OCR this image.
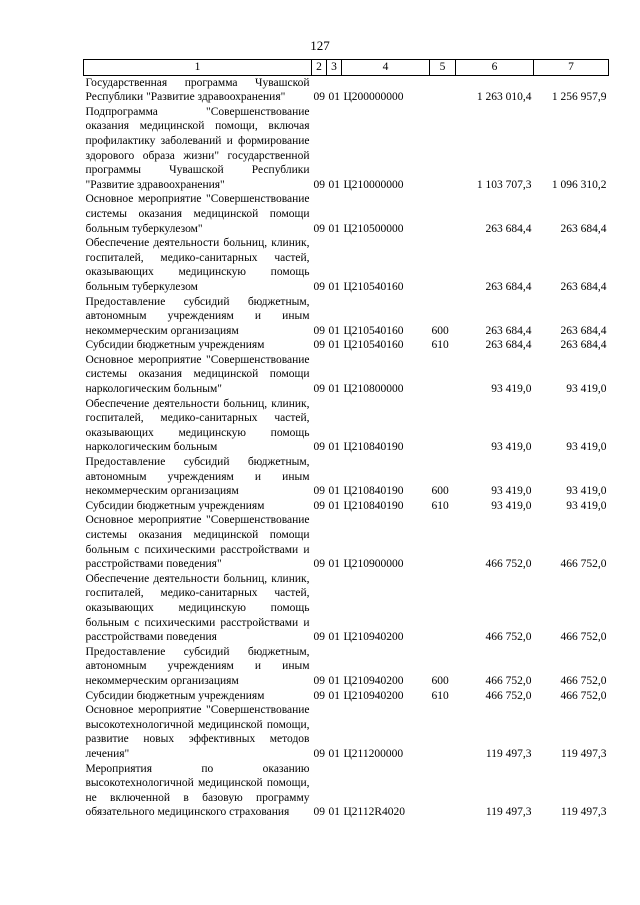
127
1	2	3	4	5	6	7
Государственная программа Чувашской Республики "Развитие здравоохранения"	09	01	Ц200000000		1 263 010,4	1 256 957,9
Подпрограмма "Совершенствование оказания медицинской помощи, включая профилактику заболеваний и формирование здорового образа жизни" государственной программы Чувашской Республики "Развитие здравоохранения"	09	01	Ц210000000		1 103 707,3	1 096 310,2
Основное мероприятие "Совершенствование системы оказания медицинской помощи больным туберкулезом"	09	01	Ц210500000		263 684,4	263 684,4
Обеспечение деятельности больниц, клиник, госпиталей, медико-санитарных частей, оказывающих медицинскую помощь больным туберкулезом	09	01	Ц210540160		263 684,4	263 684,4
Предоставление субсидий бюджетным, автономным учреждениям и иным некоммерческим организациям	09	01	Ц210540160	600	263 684,4	263 684,4
Субсидии бюджетным учреждениям	09	01	Ц210540160	610	263 684,4	263 684,4
Основное мероприятие "Совершенствование системы оказания медицинской помощи наркологическим больным"	09	01	Ц210800000		93 419,0	93 419,0
Обеспечение деятельности больниц, клиник, госпиталей, медико-санитарных частей, оказывающих медицинскую помощь наркологическим больным	09	01	Ц210840190		93 419,0	93 419,0
Предоставление субсидий бюджетным, автономным учреждениям и иным некоммерческим организациям	09	01	Ц210840190	600	93 419,0	93 419,0
Субсидии бюджетным учреждениям	09	01	Ц210840190	610	93 419,0	93 419,0
Основное мероприятие "Совершенствование системы оказания медицинской помощи больным с психическими расстройствами и расстройствами поведения"	09	01	Ц210900000		466 752,0	466 752,0
Обеспечение деятельности больниц, клиник, госпиталей, медико-санитарных частей, оказывающих медицинскую помощь больным с психическими расстройствами и расстройствами поведения	09	01	Ц210940200		466 752,0	466 752,0
Предоставление субсидий бюджетным, автономным учреждениям и иным некоммерческим организациям	09	01	Ц210940200	600	466 752,0	466 752,0
Субсидии бюджетным учреждениям	09	01	Ц210940200	610	466 752,0	466 752,0
Основное мероприятие "Совершенствование высокотехнологичной медицинской помощи, развитие новых эффективных методов лечения"	09	01	Ц211200000		119 497,3	119 497,3
Мероприятия по оказанию высокотехнологичной медицинской помощи, не включенной в базовую программу обязательного медицинского страхования	09	01	Ц2112R4020		119 497,3	119 497,3
